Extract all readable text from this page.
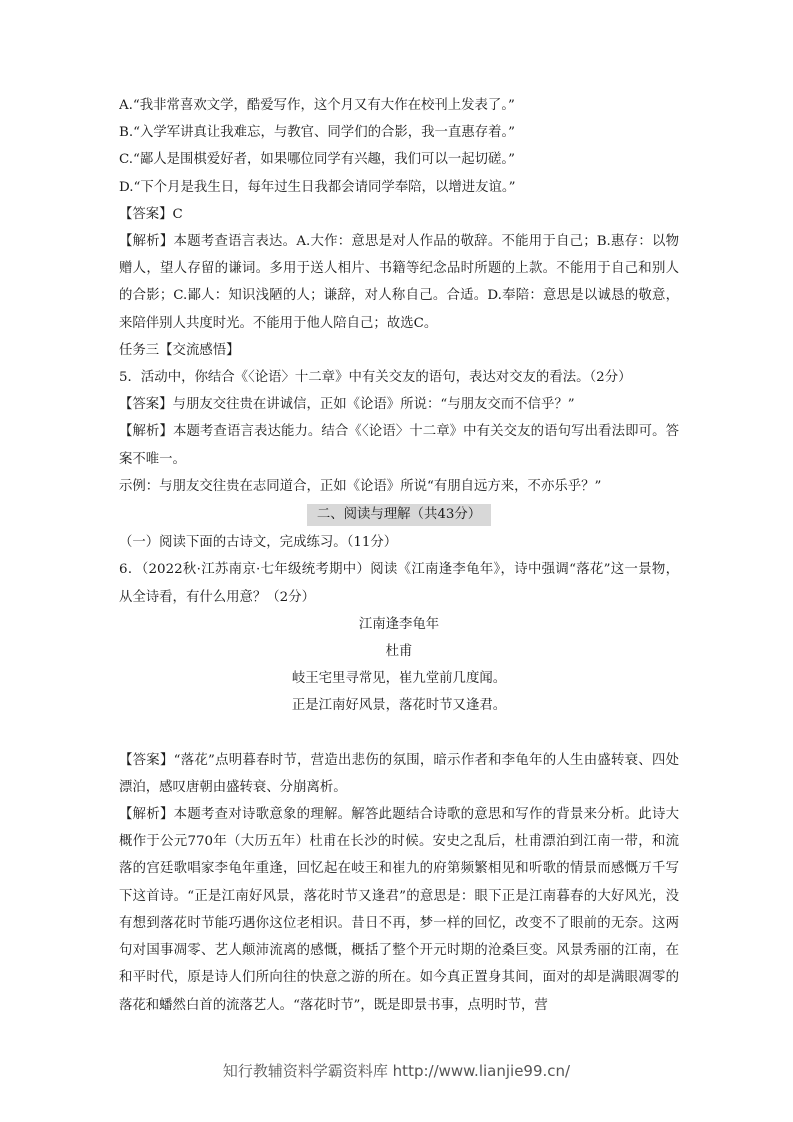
A.“我非常喜欢文学，酷爱写作，这个月又有大作在校刊上发表了。”
B.“入学军讲真让我难忘，与教官、同学们的合影，我一直惠存着。”
C.“鄙人是围棋爱好者，如果哪位同学有兴趣，我们可以一起切磋。”
D.“下个月是我生日，每年过生日我都会请同学奉陪，以增进友谊。”
【答案】C
【解析】本题考查语言表达。A.大作：意思是对人作品的敬辞。不能用于自己；B.惠存：以物赠人，望人存留的谦词。多用于送人相片、书籍等纪念品时所题的上款。不能用于自己和别人的合影；C.鄙人：知识浅陋的人；谦辞，对人称自己。合适。D.奉陪：意思是以诚恳的敬意，来陪伴别人共度时光。不能用于他人陪自己；故选C。
任务三【交流感悟】
5．活动中，你结合《〈论语〉十二章》中有关交友的语句，表达对交友的看法。（2分）
【答案】与朋友交往贵在讲诚信，正如《论语》所说：“与朋友交而不信乎？”
【解析】本题考查语言表达能力。结合《〈论语〉十二章》中有关交友的语句写出看法即可。答案不唯一。
示例：与朋友交往贵在志同道合，正如《论语》所说“有朋自远方来，不亦乐乎？”
二、阅读与理解（共43分）
（一）阅读下面的古诗文，完成练习。（11分）
6．（2022秋·江苏南京·七年级统考期中）阅读《江南逢李龟年》，诗中强调“落花”这一景物，从全诗看，有什么用意？（2分）
江南逢李龟年
杜甫
岐王宅里寻常见，崔九堂前几度闻。
正是江南好风景，落花时节又逢君。
【答案】“落花”点明暮春时节，营造出悲伤的氛围，暗示作者和李龟年的人生由盛转衰、四处漂泊，感叹唐朝由盛转衰、分崩离析。
【解析】本题考查对诗歌意象的理解。解答此题结合诗歌的意思和写作的背景来分析。此诗大概作于公元770年（大历五年）杜甫在长沙的时候。安史之乱后，杜甫漂泊到江南一带，和流落的宫廷歌唱家李龟年重逢，回忆起在岐王和崔九的府第频繁相见和听歌的情景而感慨万千写下这首诗。“正是江南好风景，落花时节又逢君”的意思是：眼下正是江南暮春的大好风光，没有想到落花时节能巧遇你这位老相识。昔日不再，梦一样的回忆，改变不了眼前的无奈。这两句对国事凋零、艺人颠沛流离的感慨，概括了整个开元时期的沧桑巨变。风景秀丽的江南，在和平时代，原是诗人们所向往的快意之游的所在。如今真正置身其间，面对的却是满眼凋零的落花和蟠然白首的流落艺人。“落花时节”，既是即景书事，点明时节，营
知行教辅资料学霸资料库 http://www.lianjie99.cn/
